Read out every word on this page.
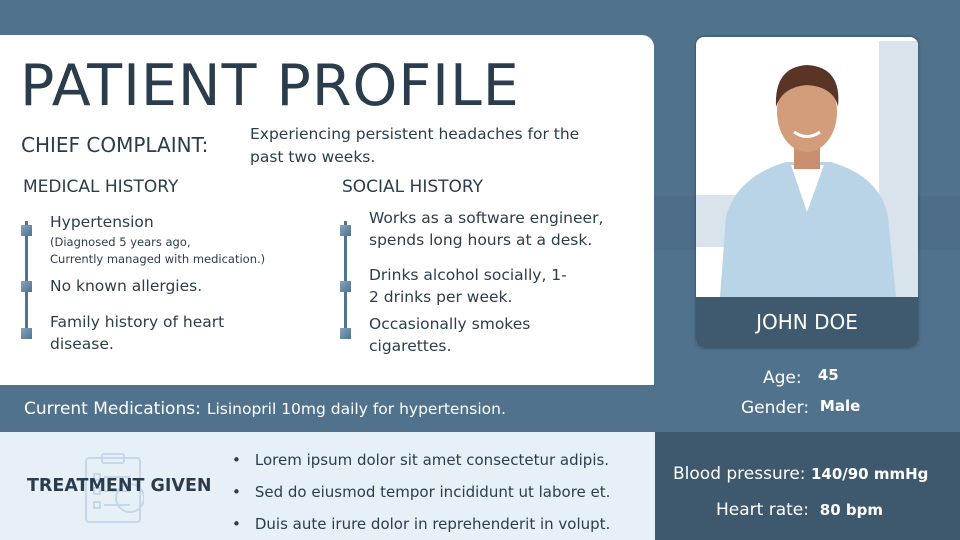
PATIENT PROFILE
CHIEF COMPLAINT:	Experiencing persistent headaches for the past two weeks.
MEDICAL HISTORY
Hypertension
(Diagnosed 5 years ago,
Currently managed with medication.)
No known allergies.
Family history of heart disease.
SOCIAL HISTORY
Works as a software engineer, spends long hours at a desk.
Drinks alcohol socially, 1-2 drinks per week.
Occasionally smokes cigarettes.
Current Medications: Lisinopril 10mg daily for hypertension.
TREATMENT GIVEN
• Lorem ipsum dolor sit amet consectetur adipis.
• Sed do eiusmod tempor incididunt ut labore et.
• Duis aute irure dolor in reprehenderit in volupt.
Blood pressure: 140/90 mmHg
Heart rate: 80 bpm
JOHN DOE
Age: 45
Gender: Male
